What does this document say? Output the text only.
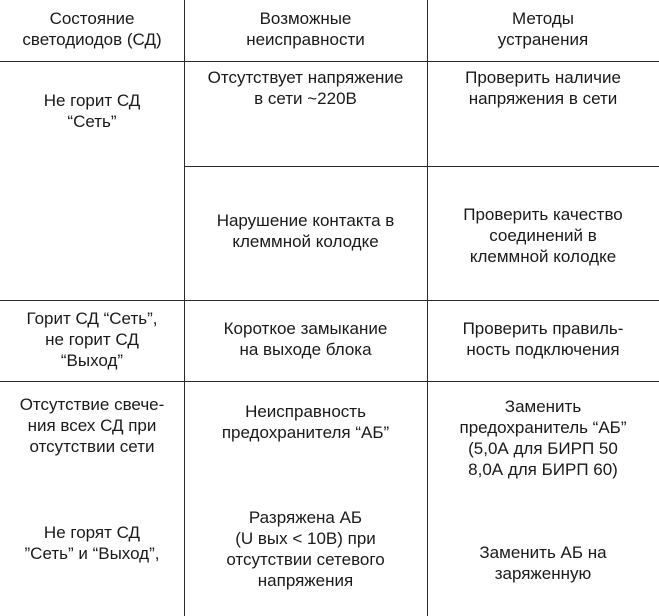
Состояние
светодиодов (СД)
Возможные
неисправности
Методы
устранения
Не горит СД
“Сеть”
Отсутствует напряжение
в сети ~220В
Проверить наличие
напряжения в сети
Нарушение контакта в
клеммной колодке
Проверить качество
соединений в
клеммной колодке
Горит СД “Сеть”,
не горит СД
“Выход”
Короткое замыкание
на выходе блока
Проверить правиль-
ность подключения
Отсутствие свече-
ния всех СД при
отсутствии сети
Неисправность
предохранителя “АБ”
Заменить
предохранитель “АБ”
(5,0А для БИРП 50
8,0А для БИРП 60)
Не горят СД
”Сеть” и “Выход”,
Разряжена АБ
(U вых < 10В) при
отсутствии сетевого
напряжения
Заменить АБ на
заряженную
